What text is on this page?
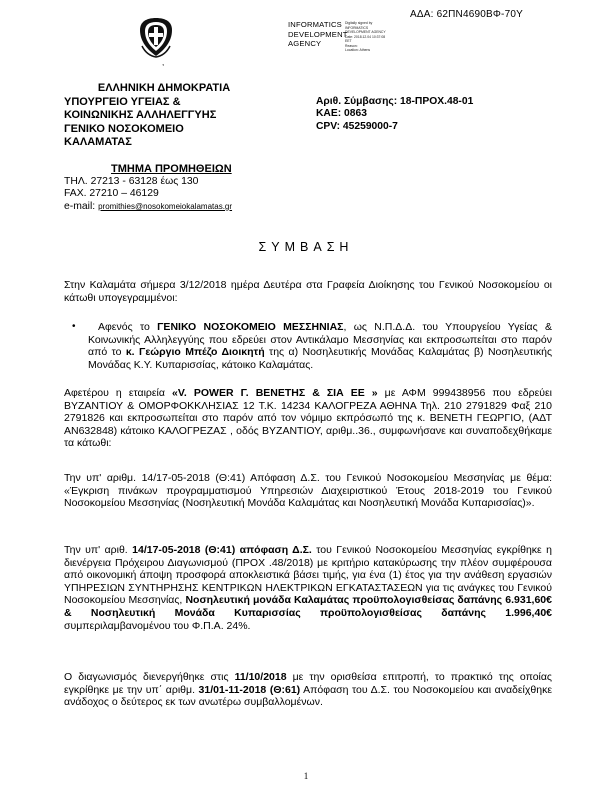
ΑΔΑ: 62ΠΝ4690ΒΦ-70Υ
,
INFORMATICS
DEVELOPMENT
AGENCY
Digitally signed by
INFORMATICS
DEVELOPMENT AGENCY
Date: 2018.12.04 10:37:08
EET
Reason:
Location: Athens
ΕΛΛΗΝΙΚΗ ΔΗΜΟΚΡΑΤΙΑ
ΥΠΟΥΡΓΕΙΟ ΥΓΕΙΑΣ &
ΚΟΙΝΩΝΙΚΗΣ ΑΛΛΗΛΕΓΓΥΗΣ
ΓΕΝΙΚΟ ΝΟΣΟΚΟΜΕΙΟ
ΚΑΛΑΜΑΤΑΣ
Αριθ. Σύμβασης: 18-ΠΡΟΧ.48-01
ΚΑΕ: 0863
CPV: 45259000-7
ΤΜΗΜΑ ΠΡΟΜΗΘΕΙΩΝ
ΤΗΛ. 27213 - 63128 έως 130
FAX. 27210 – 46129
e-mail: promithies@nosokomeiokalamatas.gr
ΣΥΜΒΑΣΗ

Στην Καλαμάτα σήμερα 3/12/2018 ημέρα Δευτέρα στα Γραφεία Διοίκησης του Γενικού Νοσοκομείου οι κάτωθι υπογεγραμμένοι:

•	Αφενός το ΓΕΝΙΚΟ ΝΟΣΟΚΟΜΕΙΟ ΜΕΣΣΗΝΙΑΣ, ως Ν.Π.Δ.Δ. του Υπουργείου Υγείας & Κοινωνικής Αλληλεγγύης που εδρεύει στον Αντικάλαμο Μεσσηνίας και εκπροσωπείται στο παρόν από το κ. Γεώργιο Μπέζο Διοικητή της α) Νοσηλευτικής Μονάδας Καλαμάτας β) Νοσηλευτικής Μονάδας Κ.Υ. Κυπαρισσίας, κάτοικο Καλαμάτας.

Αφετέρου η εταιρεία «V. POWER Γ. ΒΕΝΕΤΗΣ & ΣΙΑ ΕΕ » με ΑΦΜ 999438956 που εδρεύει ΒΥΖΑΝΤΙΟΥ & ΟΜΟΡΦΟΚΚΛΗΣΙΑΣ 12 Τ.Κ. 14234 ΚΑΛΟΓΡΕΖΑ ΑΘΗΝΑ Τηλ. 210 2791829 Φαξ 210 2791826 και εκπροσωπείται στο παρόν από τον νόμιμο εκπρόσωπό της κ. ΒΕΝΕΤΗ ΓΕΩΡΓΙΟ, (ΑΔΤ ΑΝ632848) κάτοικο ΚΑΛΟΓΡΕΖΑΣ , οδός ΒΥΖΑΝΤΙΟΥ, αριθμ..36., συμφωνήσανε και συναποδεχθήκαμε τα κάτωθι:

Την υπ' αριθμ. 14/17-05-2018 (Θ:41) Απόφαση Δ.Σ. του Γενικού Νοσοκομείου Μεσσηνίας με θέμα: «Έγκριση πινάκων προγραμματισμού Υπηρεσιών Διαχειριστικού Έτους 2018-2019 του Γενικού Νοσοκομείου Μεσσηνίας (Νοσηλευτική Μονάδα Καλαμάτας και Νοσηλευτική Μονάδα Κυπαρισσίας)».

Την υπ' αριθ. 14/17-05-2018 (Θ:41) απόφαση Δ.Σ. του Γενικού Νοσοκομείου Μεσσηνίας εγκρίθηκε η διενέργεια Πρόχειρου Διαγωνισμού (ΠΡΟΧ .48/2018) με κριτήριο κατακύρωσης την πλέον συμφέρουσα από οικονομική άποψη προσφορά αποκλειστικά βάσει τιμής, για ένα (1) έτος για την ανάθεση εργασιών ΥΠΗΡΕΣΙΩΝ ΣΥΝΤΗΡΗΣΗΣ ΚΕΝΤΡΙΚΩΝ ΗΛΕΚΤΡΙΚΩΝ ΕΓΚΑΤΑΣΤΑΣΕΩΝ για τις ανάγκες του Γενικού Νοσοκομείου Μεσσηνίας, Νοσηλευτική μονάδα Καλαμάτας προϋπολογισθείσας δαπάνης 6.931,60€ & Νοσηλευτική Μονάδα Κυπαρισσίας προϋπολογισθείσας δαπάνης 1.996,40€ συμπεριλαμβανομένου του Φ.Π.Α. 24%.

Ο διαγωνισμός διενεργήθηκε στις 11/10/2018 με την ορισθείσα επιτροπή, το πρακτικό της οποίας εγκρίθηκε με την υπ΄ αριθμ. 31/01-11-2018 (Θ:61) Απόφαση του Δ.Σ. του Νοσοκομείου και αναδείχθηκε ανάδοχος ο δεύτερος εκ των ανωτέρω συμβαλλομένων.

1
